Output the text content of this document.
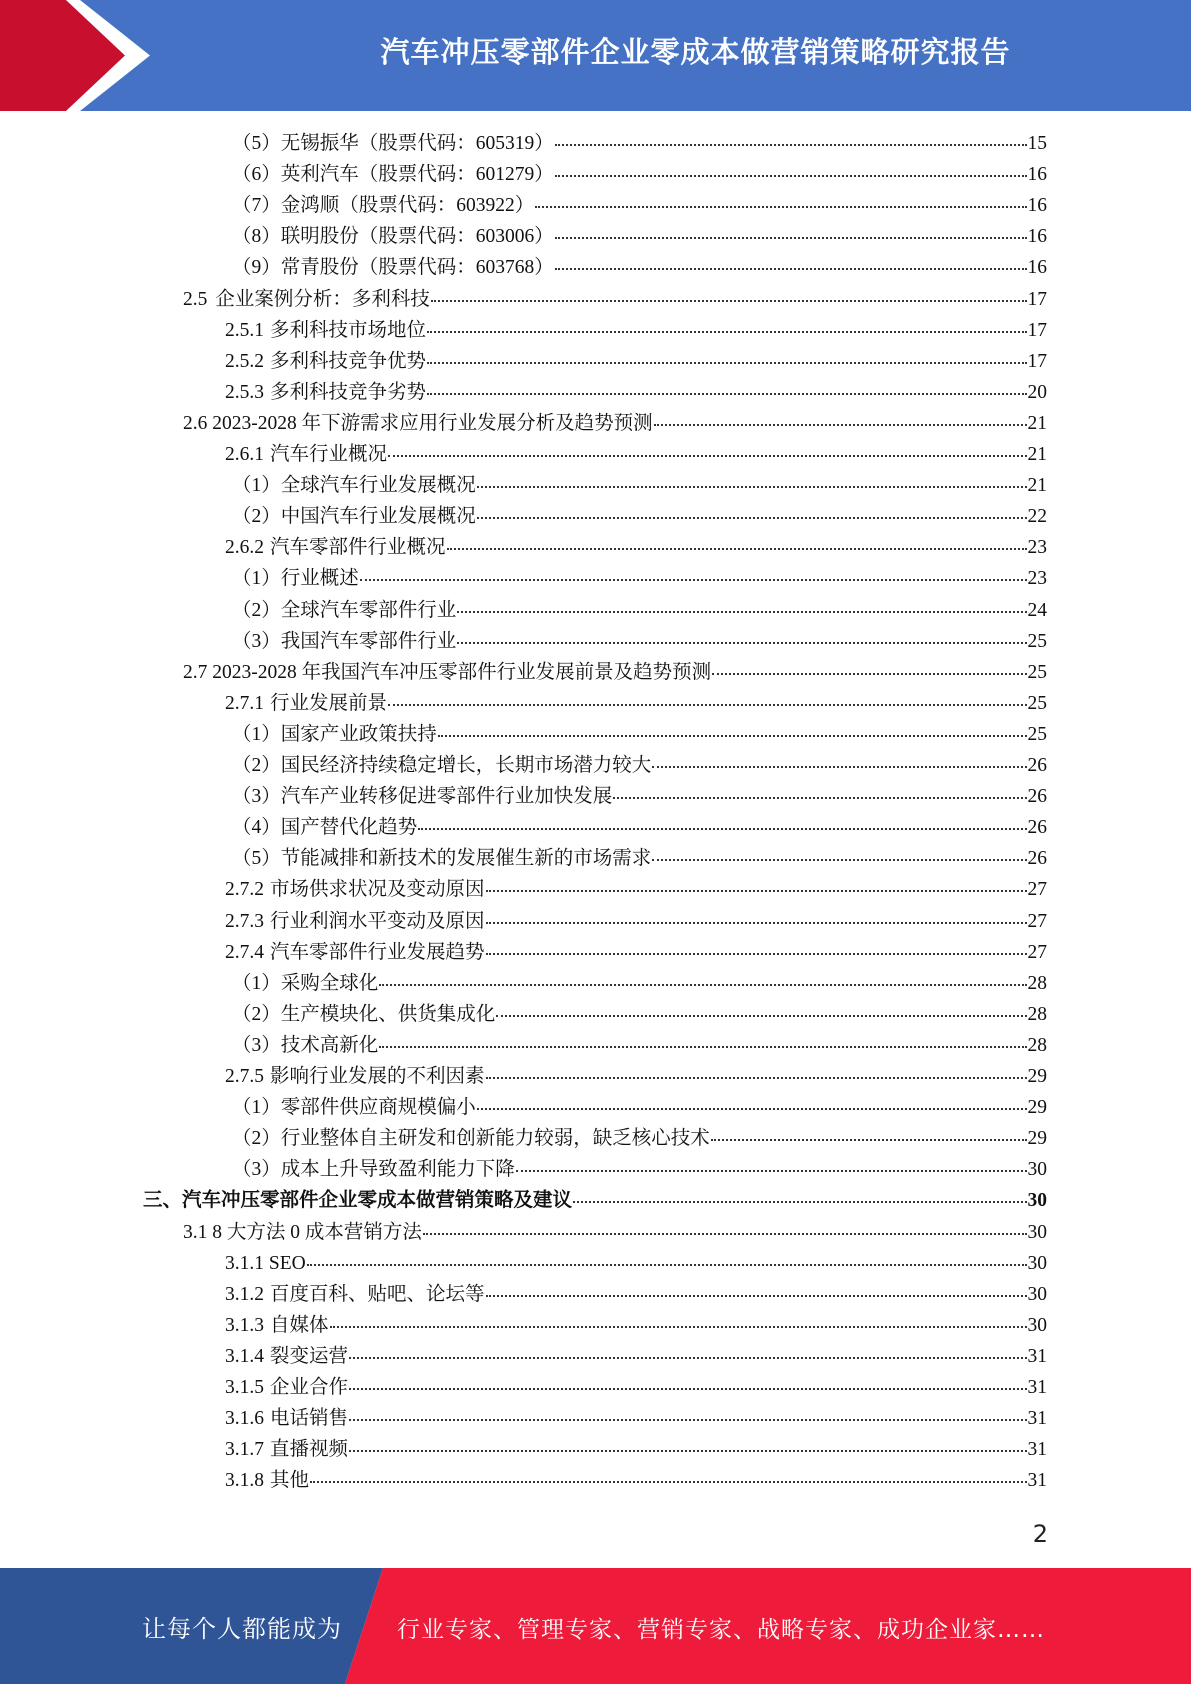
汽车冲压零部件企业零成本做营销策略研究报告
（5）无锡振华（股票代码：605319）	15
（6）英利汽车（股票代码：601279）	16
（7）金鸿顺（股票代码：603922）	16
（8）联明股份（股票代码：603006）	16
（9）常青股份（股票代码：603768）	16
2.5 企业案例分析：多利科技	17
2.5.1 多利科技市场地位	17
2.5.2 多利科技竞争优势	17
2.5.3 多利科技竞争劣势	20
2.6 2023-2028 年下游需求应用行业发展分析及趋势预测	21
2.6.1 汽车行业概况	21
（1）全球汽车行业发展概况	21
（2）中国汽车行业发展概况	22
2.6.2 汽车零部件行业概况	23
（1）行业概述	23
（2）全球汽车零部件行业	24
（3）我国汽车零部件行业	25
2.7 2023-2028 年我国汽车冲压零部件行业发展前景及趋势预测	25
2.7.1 行业发展前景	25
（1）国家产业政策扶持	25
（2）国民经济持续稳定增长，长期市场潜力较大	26
（3）汽车产业转移促进零部件行业加快发展	26
（4）国产替代化趋势	26
（5）节能减排和新技术的发展催生新的市场需求	26
2.7.2 市场供求状况及变动原因	27
2.7.3 行业利润水平变动及原因	27
2.7.4 汽车零部件行业发展趋势	27
（1）采购全球化	28
（2）生产模块化、供货集成化	28
（3）技术高新化	28
2.7.5 影响行业发展的不利因素	29
（1）零部件供应商规模偏小	29
（2）行业整体自主研发和创新能力较弱，缺乏核心技术	29
（3）成本上升导致盈利能力下降	30
三、汽车冲压零部件企业零成本做营销策略及建议	30
3.1 8 大方法 0 成本营销方法	30
3.1.1 SEO	30
3.1.2 百度百科、贴吧、论坛等	30
3.1.3 自媒体	30
3.1.4 裂变运营	31
3.1.5 企业合作	31
3.1.6 电话销售	31
3.1.7 直播视频	31
3.1.8 其他	31
2
让每个人都能成为 行业专家、管理专家、营销专家、战略专家、成功企业家……
